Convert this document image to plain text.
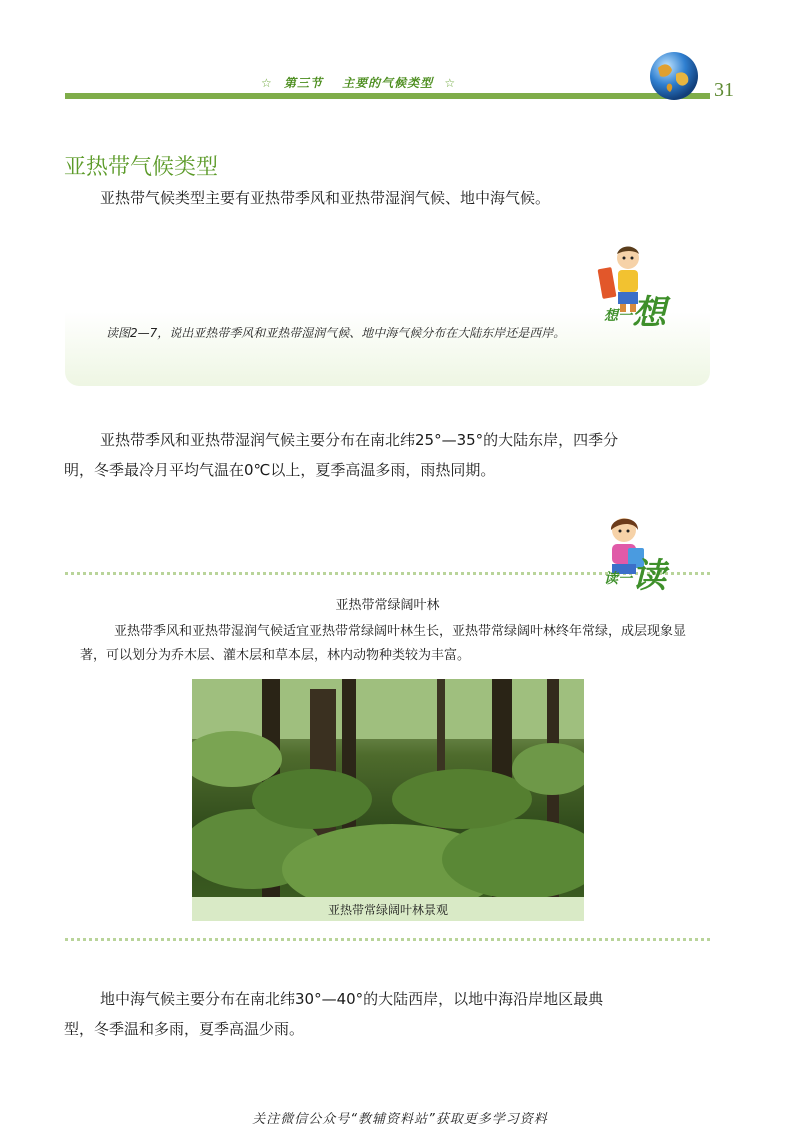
☆ 第三节 主要的气候类型 ☆	31
亚热带气候类型
亚热带气候类型主要有亚热带季风和亚热带湿润气候、地中海气候。
想一想
读图2—7，说出亚热带季风和亚热带湿润气候、地中海气候分布在大陆东岸还是西岸。
亚热带季风和亚热带湿润气候主要分布在南北纬25°—35°的大陆东岸，四季分明，冬季最冷月平均气温在0℃以上，夏季高温多雨，雨热同期。
读一读
亚热带常绿阔叶林
亚热带季风和亚热带湿润气候适宜亚热带常绿阔叶林生长，亚热带常绿阔叶林终年常绿，成层现象显著，可以划分为乔木层、灌木层和草本层，林内动物种类较为丰富。
亚热带常绿阔叶林景观
地中海气候主要分布在南北纬30°—40°的大陆西岸，以地中海沿岸地区最典型，冬季温和多雨，夏季高温少雨。
关注微信公众号“教辅资料站”获取更多学习资料
